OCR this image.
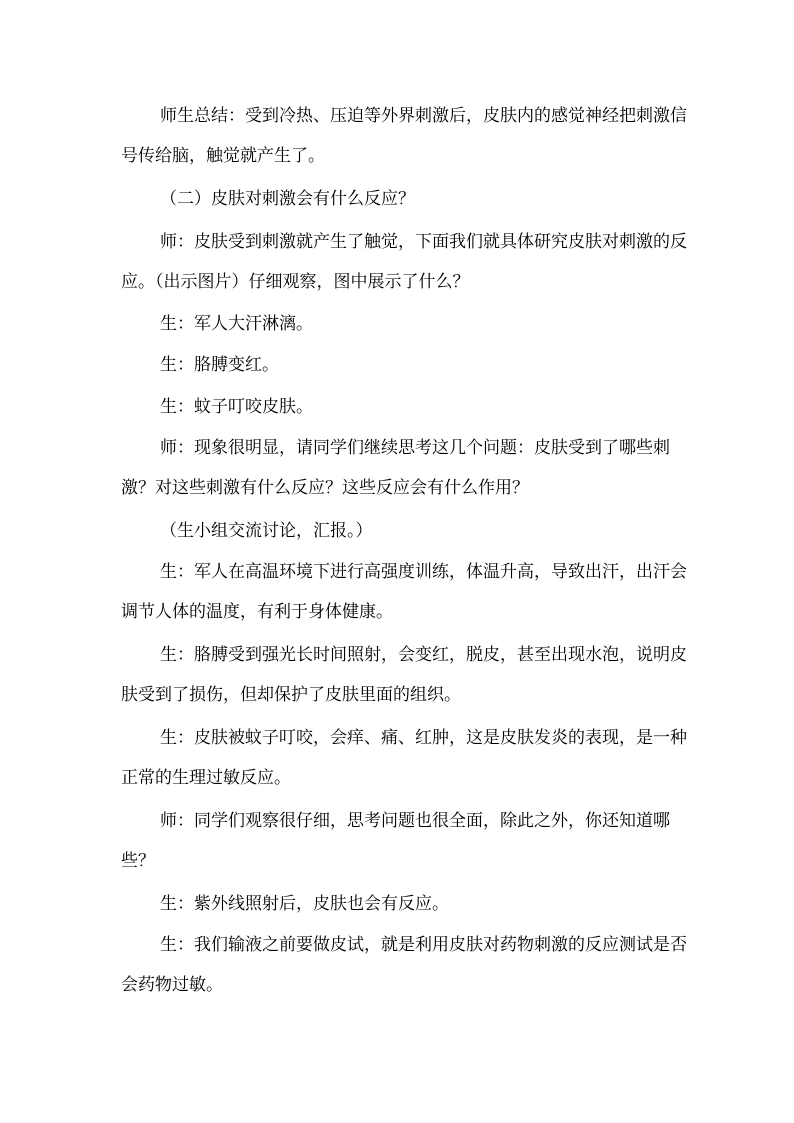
师生总结：受到冷热、压迫等外界刺激后，皮肤内的感觉神经把刺激信号传给脑，触觉就产生了。

（二）皮肤对刺激会有什么反应？

师：皮肤受到刺激就产生了触觉，下面我们就具体研究皮肤对刺激的反应。（出示图片）仔细观察，图中展示了什么？

生：军人大汗淋漓。

生：胳膊变红。

生：蚊子叮咬皮肤。

师：现象很明显，请同学们继续思考这几个问题：皮肤受到了哪些刺激？对这些刺激有什么反应？这些反应会有什么作用？

（生小组交流讨论，汇报。）

生：军人在高温环境下进行高强度训练，体温升高，导致出汗，出汗会调节人体的温度，有利于身体健康。

生：胳膊受到强光长时间照射，会变红，脱皮，甚至出现水泡，说明皮肤受到了损伤，但却保护了皮肤里面的组织。

生：皮肤被蚊子叮咬，会痒、痛、红肿，这是皮肤发炎的表现，是一种正常的生理过敏反应。

师：同学们观察很仔细，思考问题也很全面，除此之外，你还知道哪些？

生：紫外线照射后，皮肤也会有反应。

生：我们输液之前要做皮试，就是利用皮肤对药物刺激的反应测试是否会药物过敏。
